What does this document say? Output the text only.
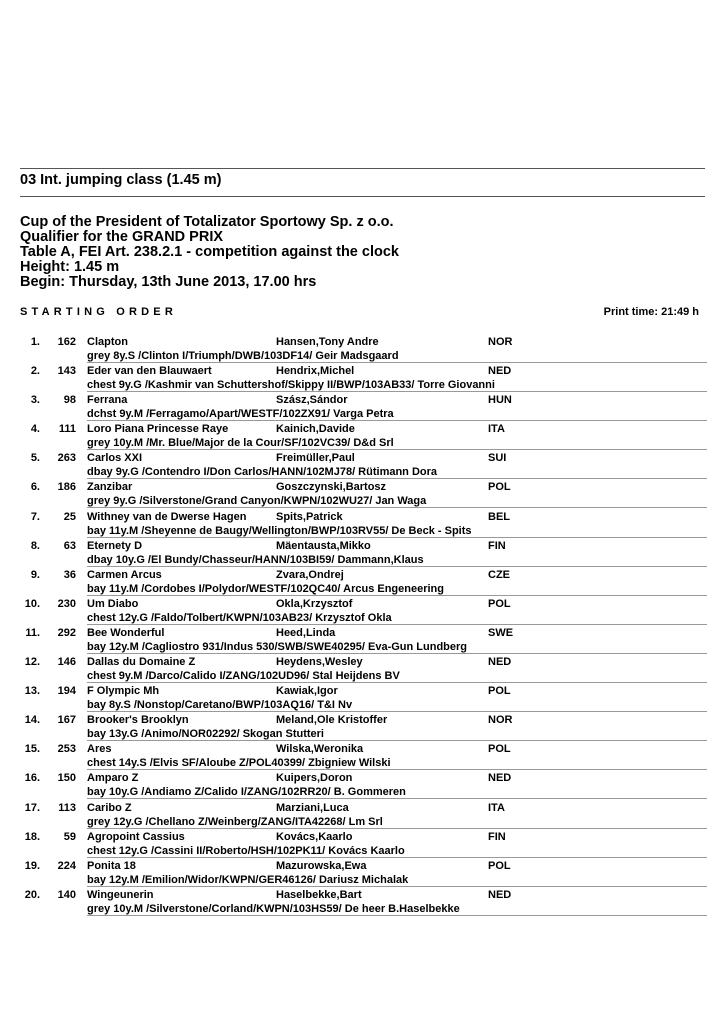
03 Int. jumping class (1.45 m)
Cup of the President of Totalizator Sportowy Sp. z o.o.
Qualifier for the GRAND PRIX
Table A, FEI Art. 238.2.1 - competition against the clock
Height: 1.45 m
Begin: Thursday, 13th June 2013, 17.00 hrs
STARTING ORDER	Print time: 21:49 h
1.	162 Clapton	Hansen,Tony Andre	NOR
grey 8y.S /Clinton I/Triumph/DWB/103DF14/ Geir Madsgaard
2.	143 Eder van den Blauwaert	Hendrix,Michel	NED
chest 9y.G /Kashmir van Schuttershof/Skippy II/BWP/103AB33/ Torre Giovanni
3.	98 Ferrana	Szász,Sándor	HUN
dchst 9y.M /Ferragamo/Apart/WESTF/102ZX91/ Varga Petra
4.	111 Loro Piana Princesse Raye	Kainich,Davide	ITA
grey 10y.M /Mr. Blue/Major de la Cour/SF/102VC39/ D&d Srl
5.	263 Carlos XXI	Freimüller,Paul	SUI
dbay 9y.G /Contendro I/Don Carlos/HANN/102MJ78/ Rütimann Dora
6.	186 Zanzibar	Goszczynski,Bartosz	POL
grey 9y.G /Silverstone/Grand Canyon/KWPN/102WU27/ Jan Waga
7.	25 Withney van de Dwerse Hagen	Spits,Patrick	BEL
bay 11y.M /Sheyenne de Baugy/Wellington/BWP/103RV55/ De Beck - Spits
8.	63 Eternety D	Mäentausta,Mikko	FIN
dbay 10y.G /El Bundy/Chasseur/HANN/103BI59/ Dammann,Klaus
9.	36 Carmen Arcus	Zvara,Ondrej	CZE
bay 11y.M /Cordobes I/Polydor/WESTF/102QC40/ Arcus Engeneering
10.	230 Um Diabo	Okla,Krzysztof	POL
chest 12y.G /Faldo/Tolbert/KWPN/103AB23/ Krzysztof Okla
11.	292 Bee Wonderful	Heed,Linda	SWE
bay 12y.M /Cagliostro 931/Indus 530/SWB/SWE40295/ Eva-Gun Lundberg
12.	146 Dallas du Domaine Z	Heydens,Wesley	NED
chest 9y.M /Darco/Calido I/ZANG/102UD96/ Stal Heijdens BV
13.	194 F Olympic Mh	Kawiak,Igor	POL
bay 8y.S /Nonstop/Caretano/BWP/103AQ16/ T&I Nv
14.	167 Brooker's Brooklyn	Meland,Ole Kristoffer	NOR
bay 13y.G /Animo/NOR02292/ Skogan Stutteri
15.	253 Ares	Wilska,Weronika	POL
chest 14y.S /Elvis SF/Aloube Z/POL40399/ Zbigniew Wilski
16.	150 Amparo Z	Kuipers,Doron	NED
bay 10y.G /Andiamo Z/Calido I/ZANG/102RR20/ B. Gommeren
17.	113 Caribo Z	Marziani,Luca	ITA
grey 12y.G /Chellano Z/Weinberg/ZANG/ITA42268/ Lm Srl
18.	59 Agropoint Cassius	Kovács,Kaarlo	FIN
chest 12y.G /Cassini II/Roberto/HSH/102PK11/ Kovács Kaarlo
19.	224 Ponita 18	Mazurowska,Ewa	POL
bay 12y.M /Emilion/Widor/KWPN/GER46126/ Dariusz Michalak
20.	140 Wingeunerin	Haselbekke,Bart	NED
grey 10y.M /Silverstone/Corland/KWPN/103HS59/ De heer B.Haselbekke
